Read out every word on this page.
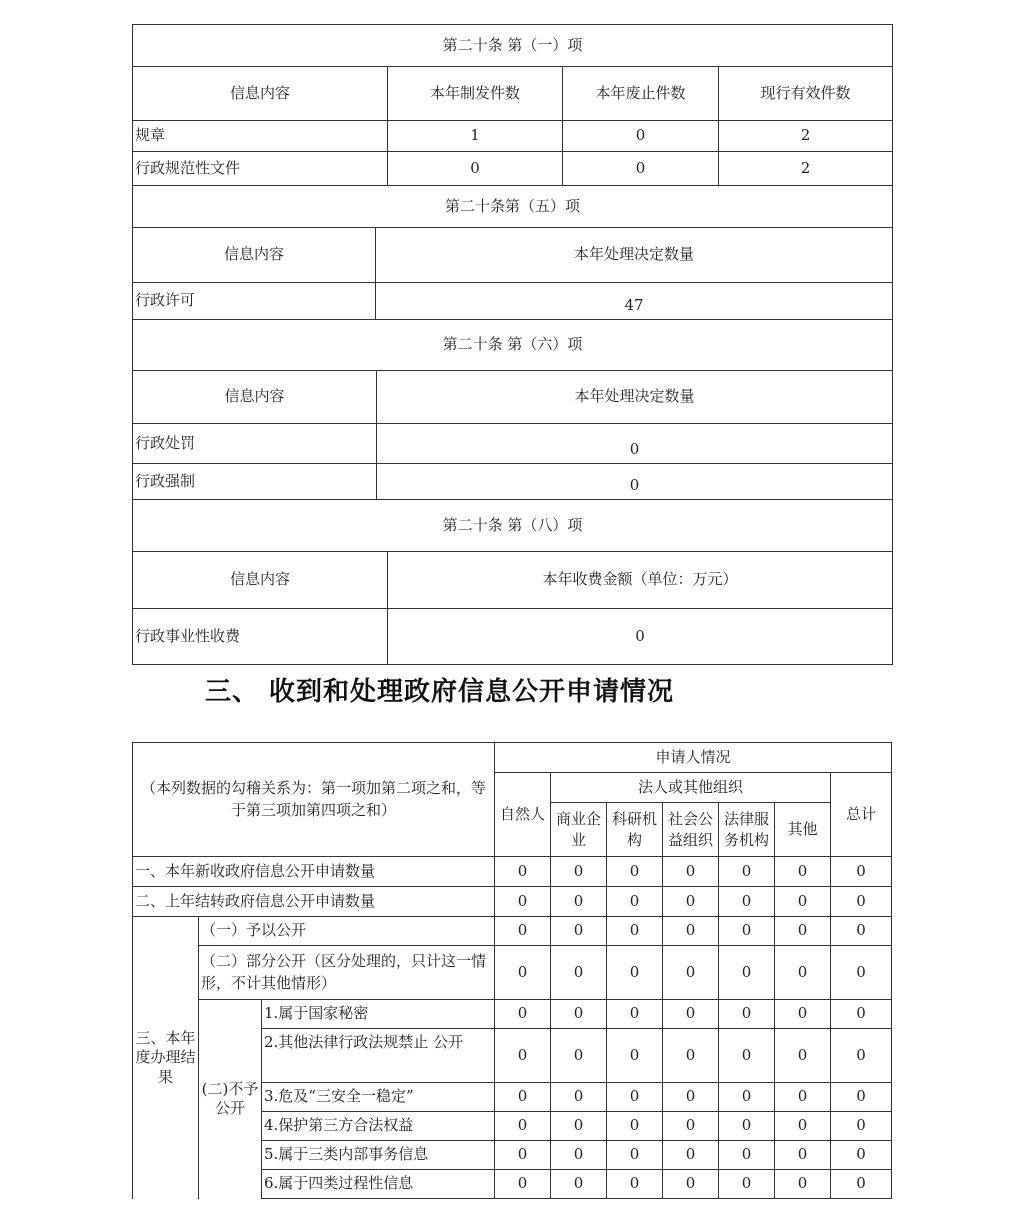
第二十条 第（一）项				
信息内容		本年制发件数	本年废止件数	现行有效件数
规章		1	0	2
行政规范性文件		0	0	2
第二十条第（五）项				
信息内容	本年处理决定数量			
行政许可	47			
第二十条 第（六）项				
信息内容	本年处理决定数量			
行政处罚	0			
行政强制	0			
第二十条 第（八）项				
信息内容		本年收费金额（单位：万元）		
行政事业性收费		0		
三、 收到和处理政府信息公开申请情况
（本列数据的勾稽关系为：第一项加第二项之和，等于第三项加第四项之和）			申请人情况						
			自然人	法人或其他组织					总计
				商业企业	科研机构	社会公益组织	法律服务机构	其他	
一、本年新收政府信息公开申请数量			0	0	0	0	0	0	0
二、上年结转政府信息公开申请数量			0	0	0	0	0	0	0
三、本年度办理结果	（一）予以公开		0	0	0	0	0	0	0
	（二）部分公开（区分处理的，只计这一情形，不计其他情形）		0	0	0	0	0	0	0
	(二)不予公开	1.属于国家秘密	0	0	0	0	0	0	0
		2.其他法律行政法规禁止 公开	0	0	0	0	0	0	0
		3.危及“三安全一稳定”	0	0	0	0	0	0	0
		4.保护第三方合法权益	0	0	0	0	0	0	0
		5.属于三类内部事务信息	0	0	0	0	0	0	0
		6.属于四类过程性信息	0	0	0	0	0	0	0
